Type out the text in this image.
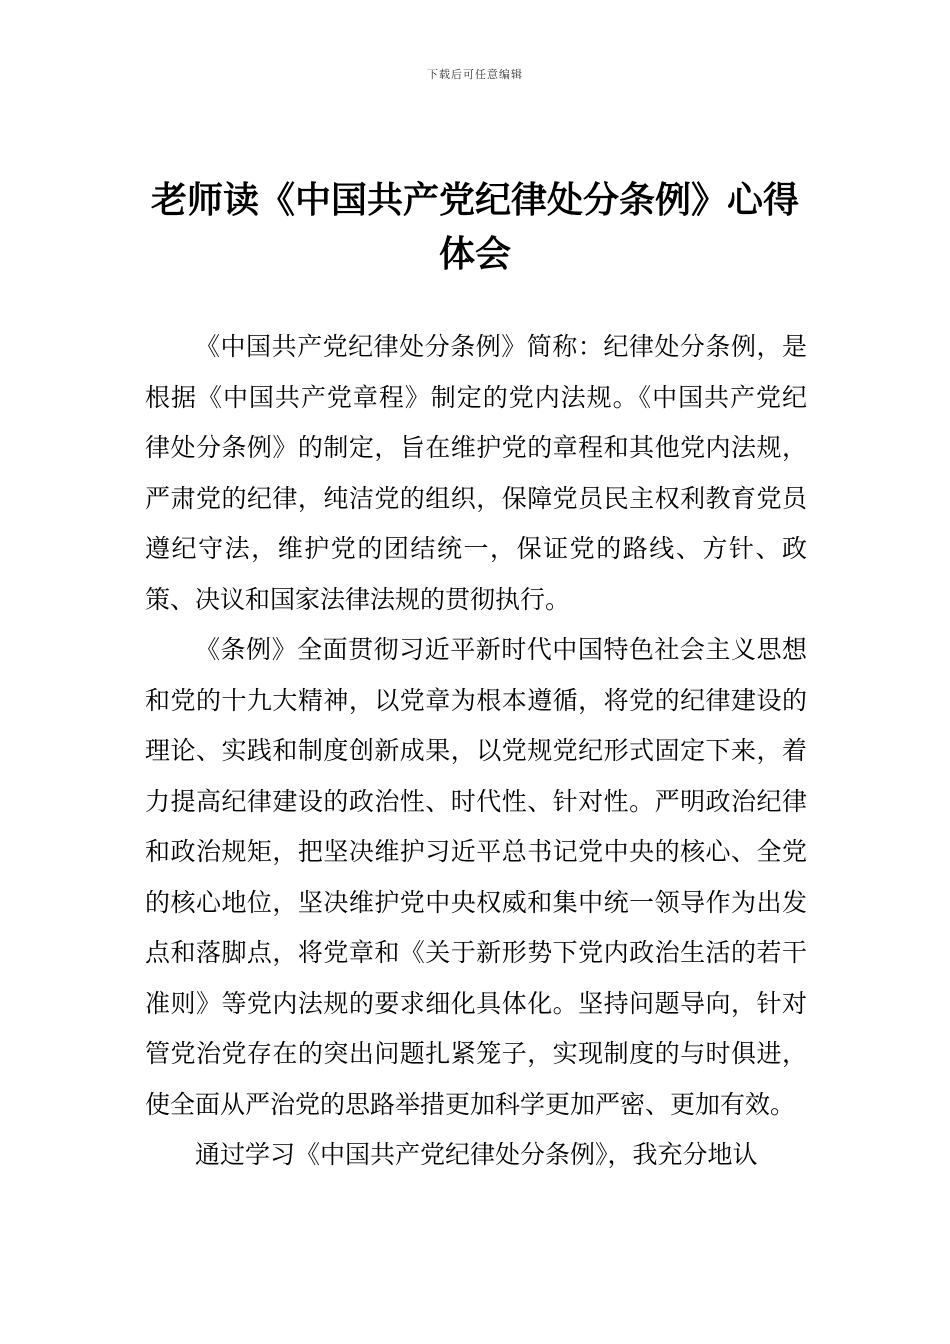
下载后可任意编辑
老师读《中国共产党纪律处分条例》心得体会

《中国共产党纪律处分条例》简称：纪律处分条例，是根据《中国共产党章程》制定的党内法规。《中国共产党纪律处分条例》的制定，旨在维护党的章程和其他党内法规，严肃党的纪律，纯洁党的组织，保障党员民主权利教育党员遵纪守法，维护党的团结统一，保证党的路线、方针、政策、决议和国家法律法规的贯彻执行。

《条例》全面贯彻习近平新时代中国特色社会主义思想和党的十九大精神，以党章为根本遵循，将党的纪律建设的理论、实践和制度创新成果，以党规党纪形式固定下来，着力提高纪律建设的政治性、时代性、针对性。严明政治纪律和政治规矩，把坚决维护习近平总书记党中央的核心、全党的核心地位，坚决维护党中央权威和集中统一领导作为出发点和落脚点，将党章和《关于新形势下党内政治生活的若干准则》等党内法规的要求细化具体化。坚持问题导向，针对管党治党存在的突出问题扎紧笼子，实现制度的与时俱进，使全面从严治党的思路举措更加科学更加严密、更加有效。

通过学习《中国共产党纪律处分条例》，我充分地认
